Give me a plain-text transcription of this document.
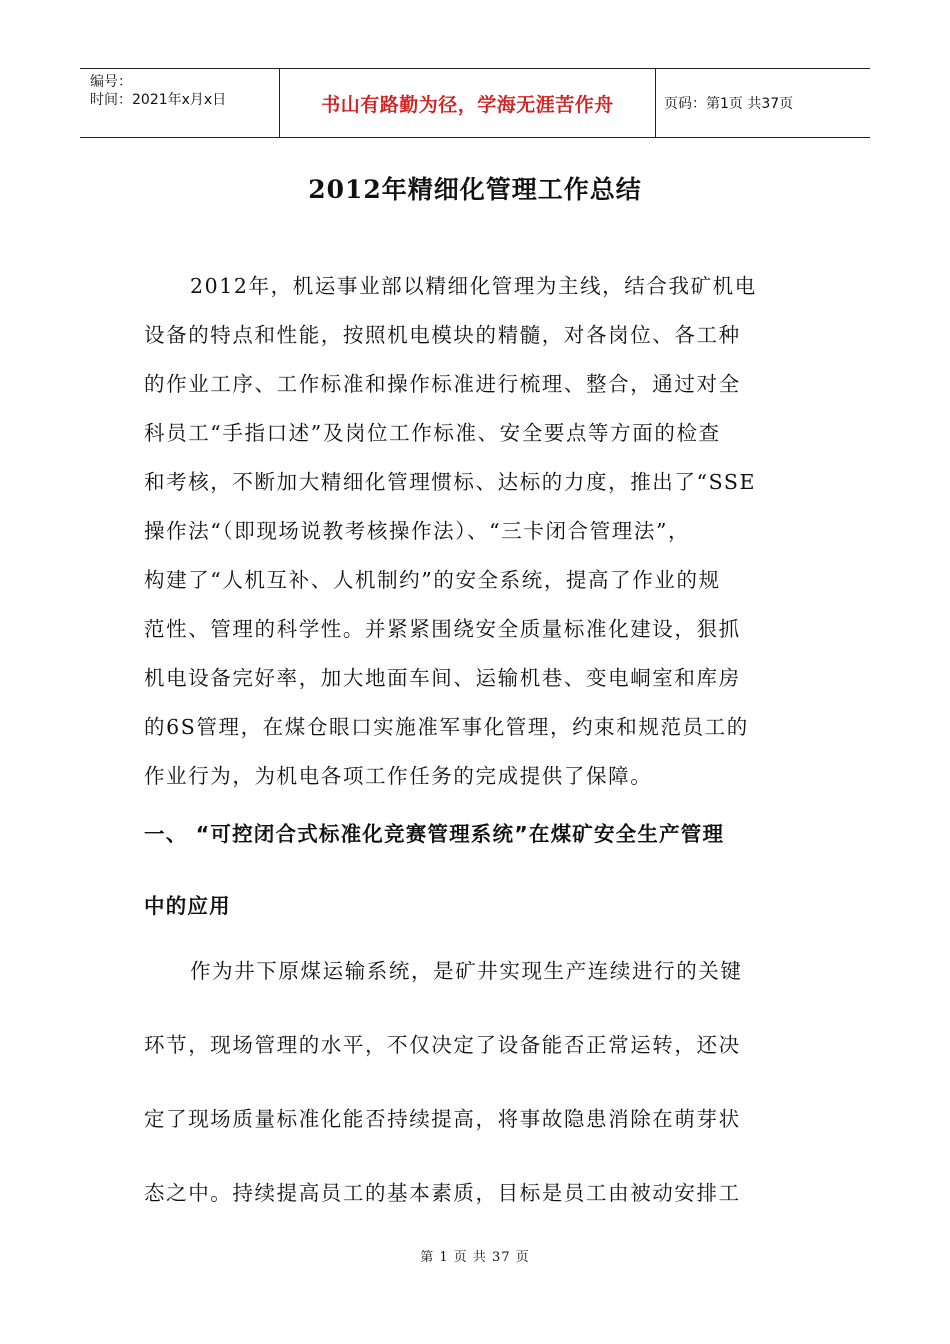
编号：
时间：2021年x月x日	书山有路勤为径，学海无涯苦作舟	页码：第1页 共37页
2012年精细化管理工作总结
2012年，机运事业部以精细化管理为主线，结合我矿机电
设备的特点和性能，按照机电模块的精髓，对各岗位、各工种
的作业工序、工作标准和操作标准进行梳理、整合，通过对全
科员工“手指口述”及岗位工作标准、安全要点等方面的检查
和考核，不断加大精细化管理惯标、达标的力度，推出了“SSE
操作法“（即现场说教考核操作法）、“三卡闭合管理法”，
构建了“人机互补、人机制约”的安全系统，提高了作业的规
范性、管理的科学性。并紧紧围绕安全质量标准化建设，狠抓
机电设备完好率，加大地面车间、运输机巷、变电峒室和库房
的6S管理，在煤仓眼口实施准军事化管理，约束和规范员工的
作业行为，为机电各项工作任务的完成提供了保障。
一、 “可控闭合式标准化竞赛管理系统”在煤矿安全生产管理
中的应用
作为井下原煤运输系统，是矿井实现生产连续进行的关键
环节，现场管理的水平，不仅决定了设备能否正常运转，还决
定了现场质量标准化能否持续提高，将事故隐患消除在萌芽状
态之中。持续提高员工的基本素质，目标是员工由被动安排工
第 1 页 共 37 页
